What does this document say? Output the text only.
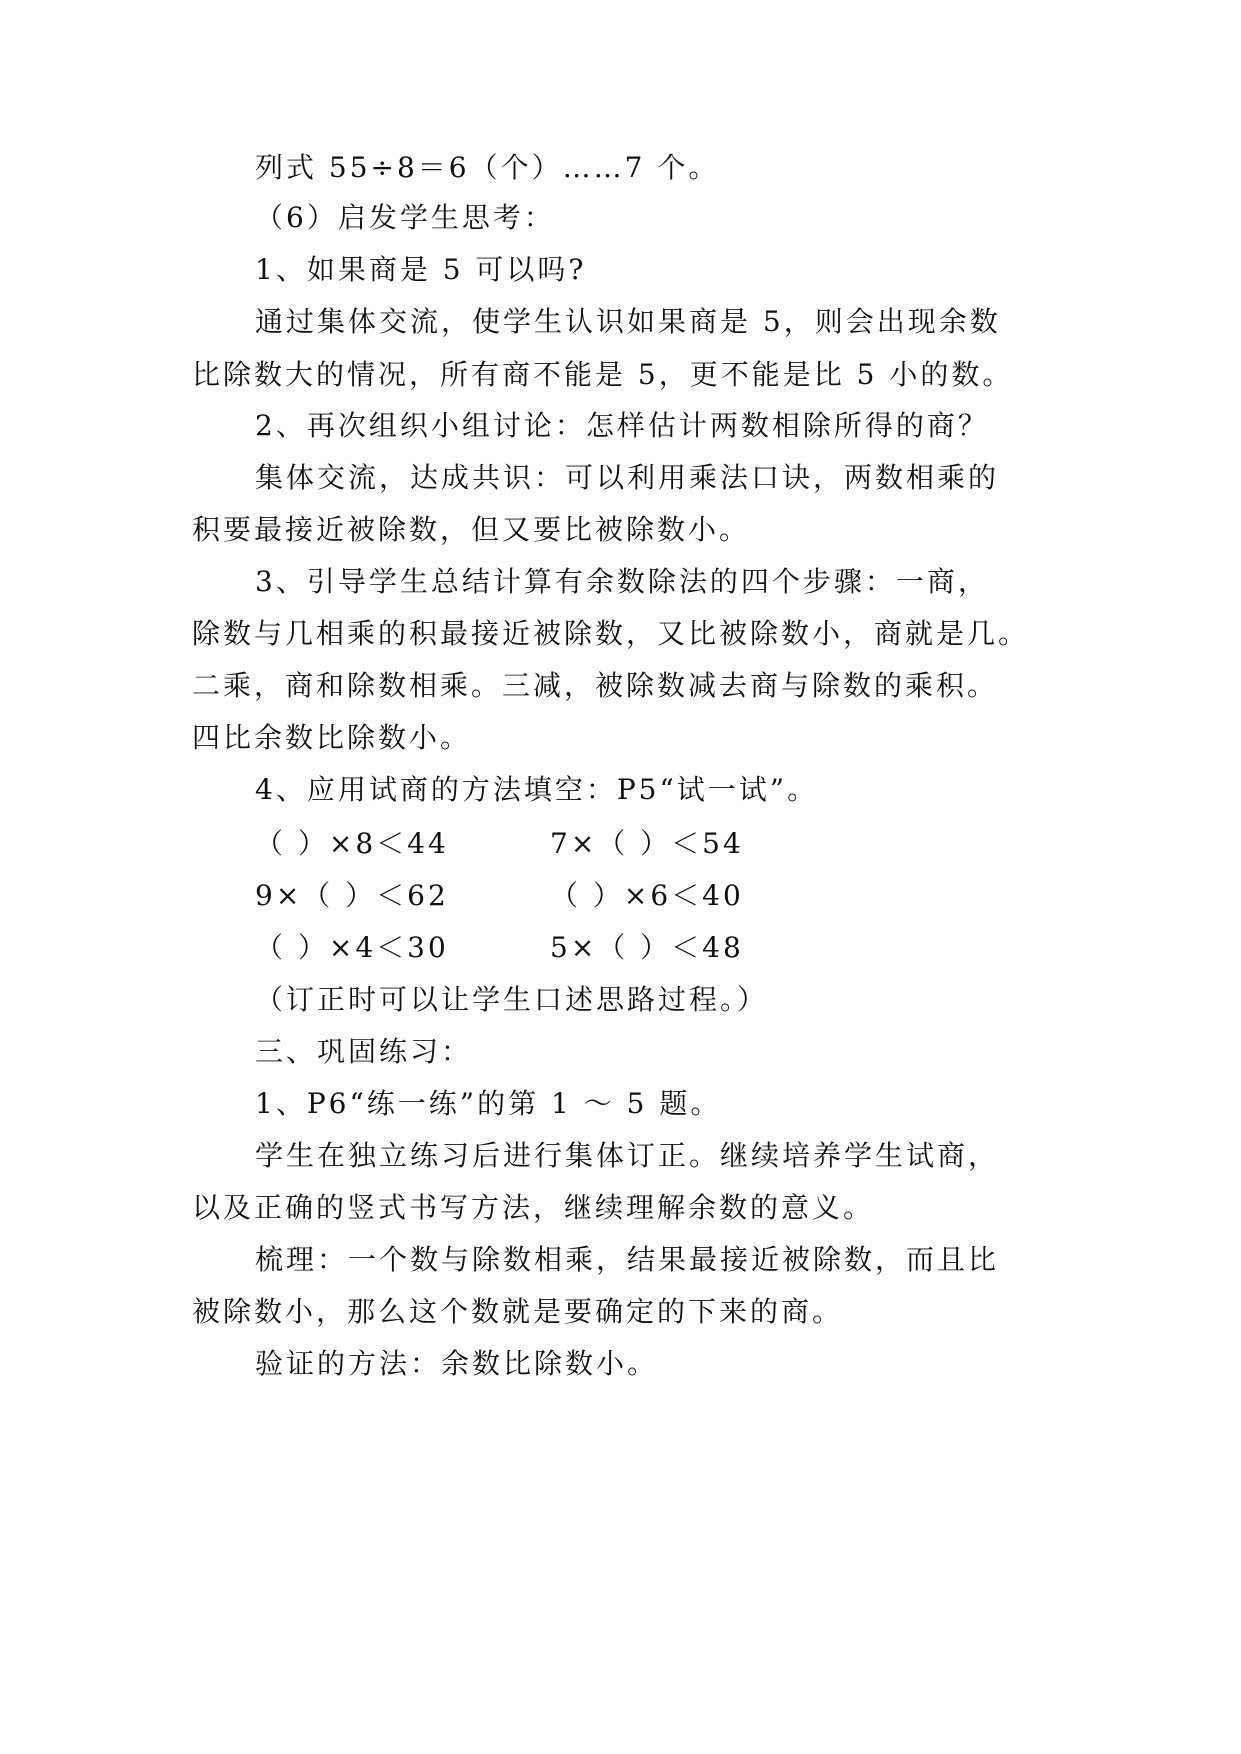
列式 55÷8＝6（个）……7 个。
（6）启发学生思考：
1、如果商是 5 可以吗?
通过集体交流，使学生认识如果商是 5，则会出现余数
比除数大的情况，所有商不能是 5，更不能是比 5 小的数。
2、再次组织小组讨论：怎样估计两数相除所得的商？
集体交流，达成共识：可以利用乘法口诀，两数相乘的
积要最接近被除数，但又要比被除数小。
3、引导学生总结计算有余数除法的四个步骤：一商，
除数与几相乘的积最接近被除数，又比被除数小，商就是几。
二乘，商和除数相乘。三减，被除数减去商与除数的乘积。
四比余数比除数小。
4、应用试商的方法填空：P5“试一试”。
（ ）×8＜44	7×（ ）＜54
9×（ ）＜62	（ ）×6＜40
（ ）×4＜30	5×（ ）＜48
（订正时可以让学生口述思路过程。）
三、巩固练习：
1、P6“练一练”的第 1 ～ 5 题。
学生在独立练习后进行集体订正。继续培养学生试商，
以及正确的竖式书写方法，继续理解余数的意义。
梳理：一个数与除数相乘，结果最接近被除数，而且比
被除数小，那么这个数就是要确定的下来的商。
验证的方法：余数比除数小。
